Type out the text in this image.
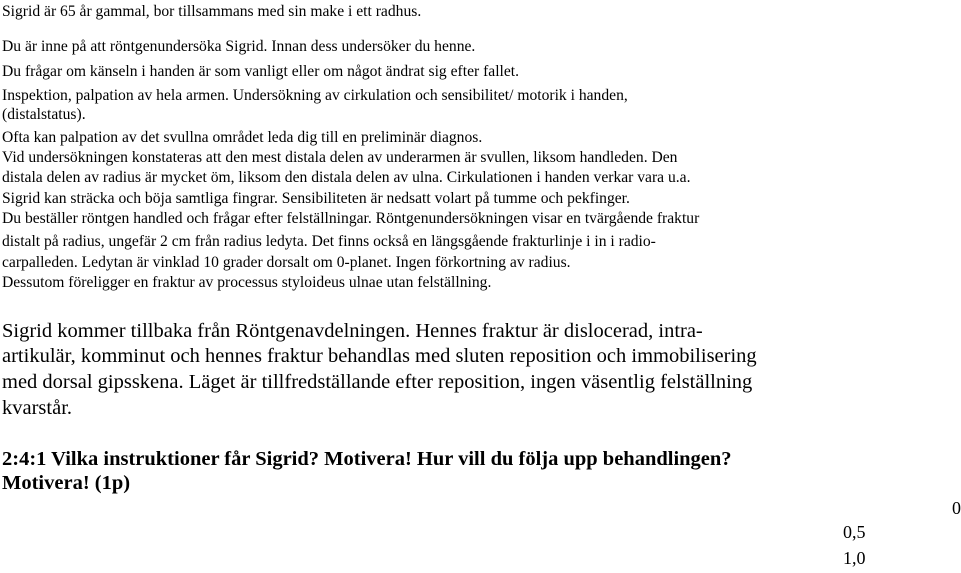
Sigrid är 65 år gammal, bor tillsammans med sin make i ett radhus.
Du är inne på att röntgenundersöka Sigrid. Innan dess undersöker du henne.
Du frågar om känseln i handen är som vanligt eller om något ändrat sig efter fallet.
Inspektion, palpation av hela armen. Undersökning av cirkulation och sensibilitet/ motorik i handen,
(distalstatus).
Ofta kan palpation av det svullna området leda dig till en preliminär diagnos.
Vid undersökningen konstateras att den mest distala delen av underarmen är svullen, liksom handleden. Den
distala delen av radius är mycket öm, liksom den distala delen av ulna. Cirkulationen i handen verkar vara u.a.
Sigrid kan sträcka och böja samtliga fingrar. Sensibiliteten är nedsatt volart på tumme och pekfinger.
Du beställer röntgen handled och frågar efter felställningar. Röntgenundersökningen visar en tvärgående fraktur
distalt på radius, ungefär 2 cm från radius ledyta. Det finns också en längsgående frakturlinje i in i radio-
carpalleden. Ledytan är vinklad 10 grader dorsalt om 0-planet. Ingen förkortning av radius.
Dessutom föreligger en fraktur av processus styloideus ulnae utan felställning.
Sigrid kommer tillbaka från Röntgenavdelningen. Hennes fraktur är dislocerad, intra-
artikulär, komminut och hennes fraktur behandlas med sluten reposition och immobilisering
med dorsal gipsskena. Läget är tillfredställande efter reposition, ingen väsentlig felställning
kvarstår.
2:4:1 Vilka instruktioner får Sigrid? Motivera! Hur vill du följa upp behandlingen?
Motivera! (1p)
0
0,5
1,0
